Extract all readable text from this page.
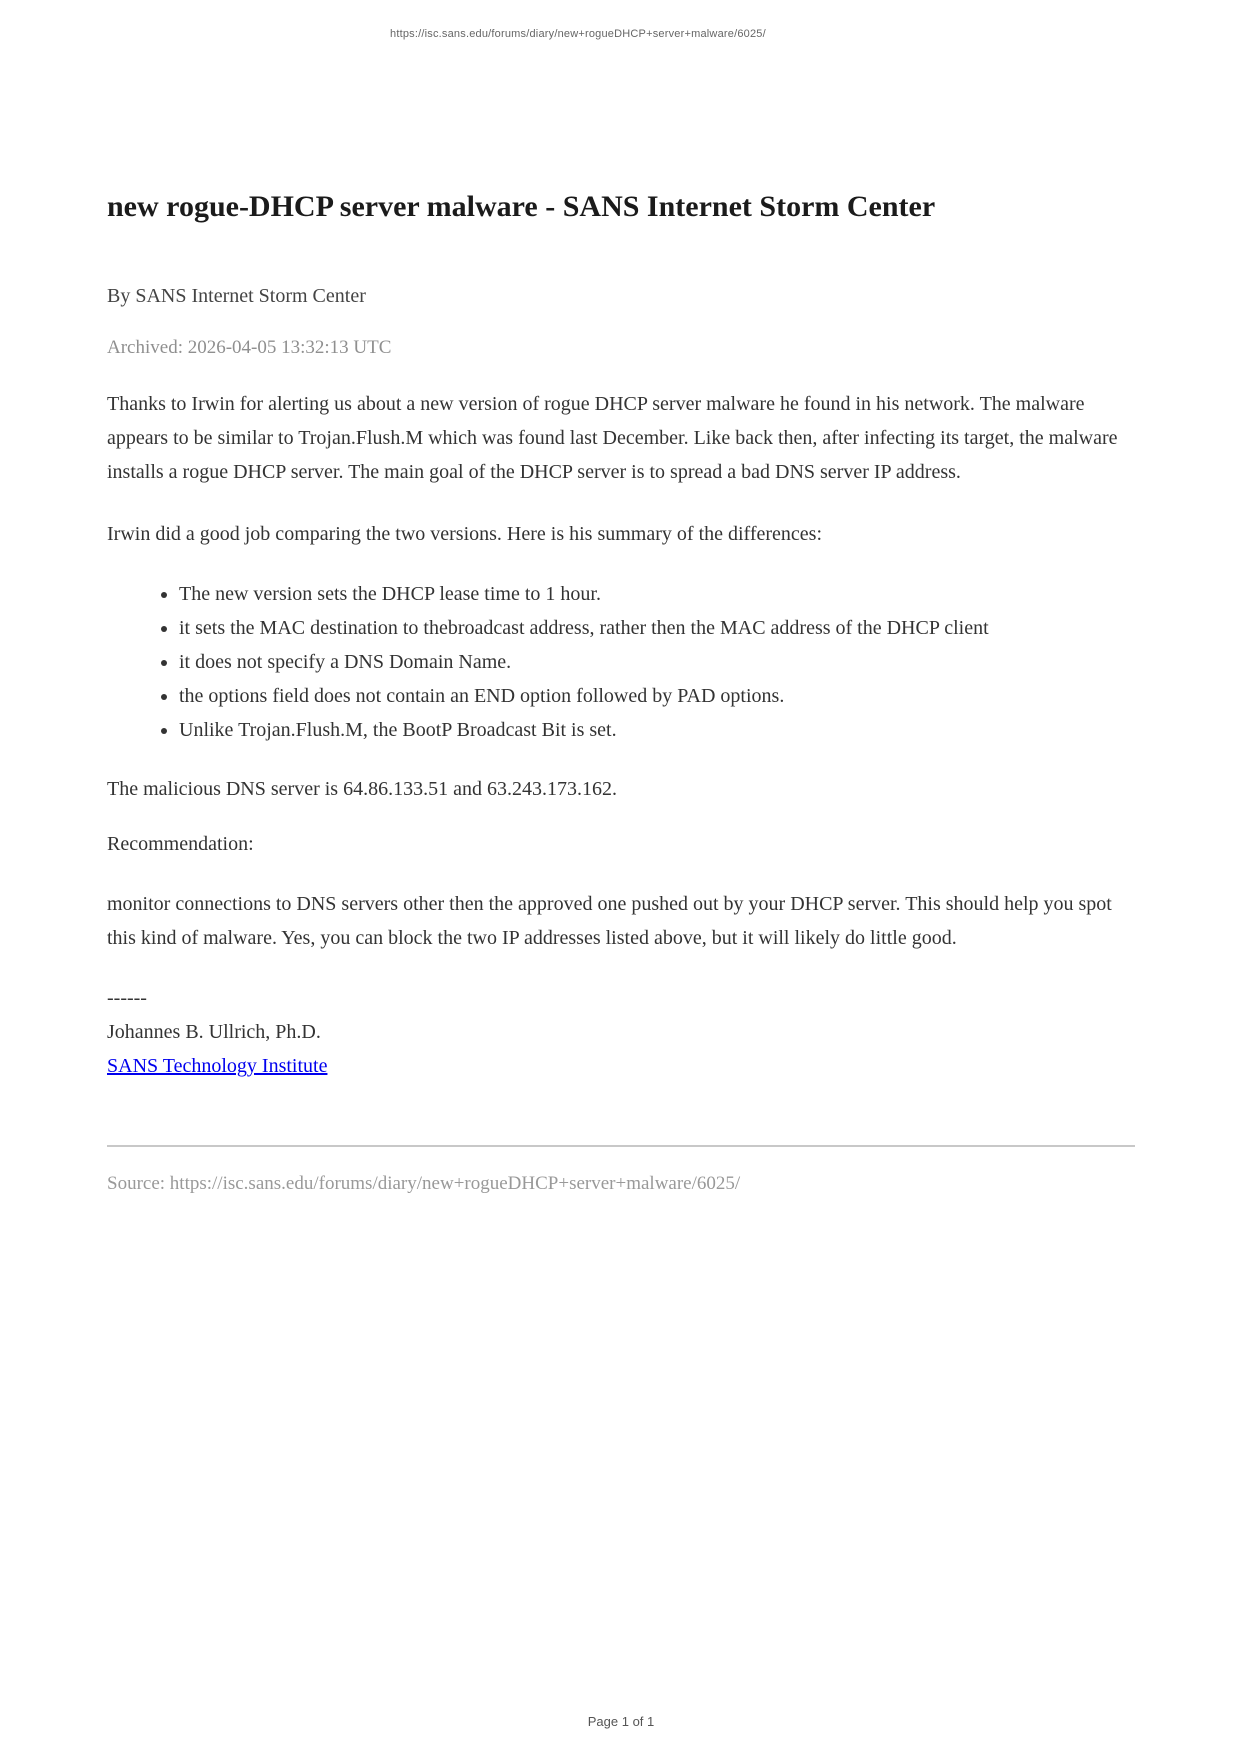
https://isc.sans.edu/forums/diary/new+rogueDHCP+server+malware/6025/
new rogue-DHCP server malware - SANS Internet Storm Center

By SANS Internet Storm Center

Archived: 2026-04-05 13:32:13 UTC

Thanks to Irwin for alerting us about a new version of rogue DHCP server malware he found in his network. The malware appears to be similar to Trojan.Flush.M which was found last December. Like back then, after infecting its target, the malware installs a rogue DHCP server. The main goal of the DHCP server is to spread a bad DNS server IP address.

Irwin did a good job comparing the two versions. Here is his summary of the differences:

• The new version sets the DHCP lease time to 1 hour.
• it sets the MAC destination to thebroadcast address, rather then the MAC address of the DHCP client
• it does not specify a DNS Domain Name.
• the options field does not contain an END option followed by PAD options.
• Unlike Trojan.Flush.M, the BootP Broadcast Bit is set.

The malicious DNS server is 64.86.133.51 and 63.243.173.162.

Recommendation:

monitor connections to DNS servers other then the approved one pushed out by your DHCP server. This should help you spot this kind of malware. Yes, you can block the two IP addresses listed above, but it will likely do little good.

------

Johannes B. Ullrich, Ph.D.

SANS Technology Institute

Source: https://isc.sans.edu/forums/diary/new+rogueDHCP+server+malware/6025/

Page 1 of 1
